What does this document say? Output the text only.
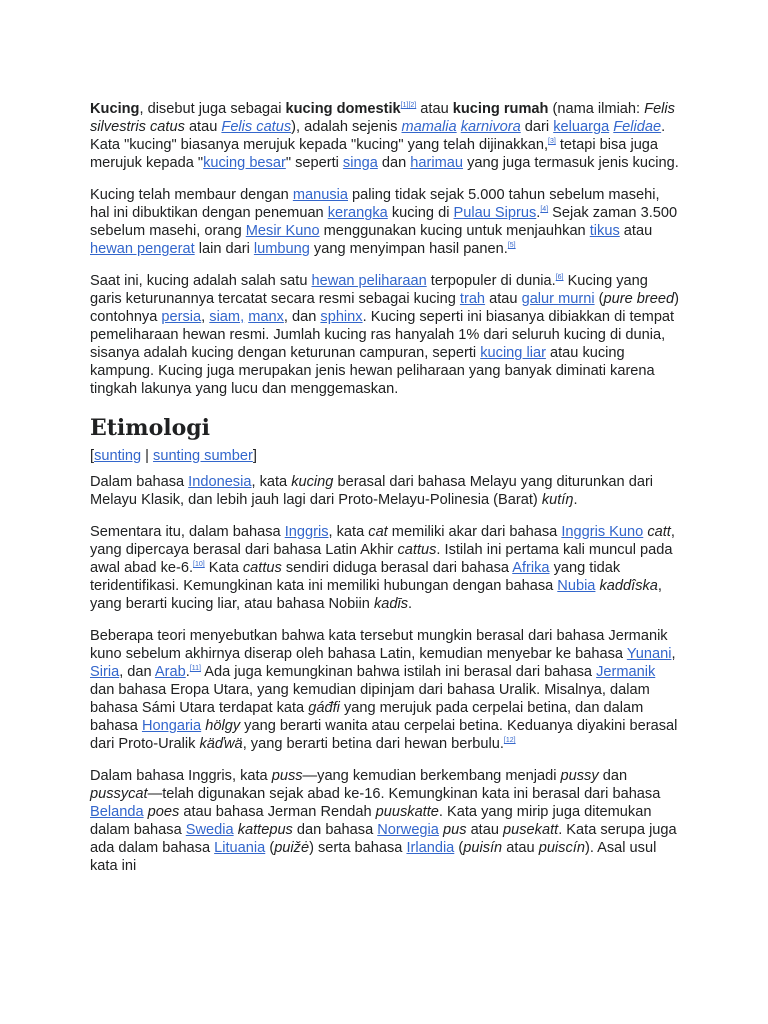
Kucing, disebut juga sebagai kucing domestik[1][2] atau kucing rumah (nama ilmiah: Felis silvestris catus atau Felis catus), adalah sejenis mamalia karnivora dari keluarga Felidae. Kata "kucing" biasanya merujuk kepada "kucing" yang telah dijinakkan,[3] tetapi bisa juga merujuk kepada "kucing besar" seperti singa dan harimau yang juga termasuk jenis kucing.

Kucing telah membaur dengan manusia paling tidak sejak 5.000 tahun sebelum masehi, hal ini dibuktikan dengan penemuan kerangka kucing di Pulau Siprus.[4] Sejak zaman 3.500 sebelum masehi, orang Mesir Kuno menggunakan kucing untuk menjauhkan tikus atau hewan pengerat lain dari lumbung yang menyimpan hasil panen.[5]

Saat ini, kucing adalah salah satu hewan peliharaan terpopuler di dunia.[6] Kucing yang garis keturunannya tercatat secara resmi sebagai kucing trah atau galur murni (pure breed) contohnya persia, siam, manx, dan sphinx. Kucing seperti ini biasanya dibiakkan di tempat pemeliharaan hewan resmi. Jumlah kucing ras hanyalah 1% dari seluruh kucing di dunia, sisanya adalah kucing dengan keturunan campuran, seperti kucing liar atau kucing kampung. Kucing juga merupakan jenis hewan peliharaan yang banyak diminati karena tingkah lakunya yang lucu dan menggemaskan.

Etimologi
[sunting | sunting sumber]

Dalam bahasa Indonesia, kata kucing berasal dari bahasa Melayu yang diturunkan dari Melayu Klasik, dan lebih jauh lagi dari Proto-Melayu-Polinesia (Barat) kutíŋ.

Sementara itu, dalam bahasa Inggris, kata cat memiliki akar dari bahasa Inggris Kuno catt, yang dipercaya berasal dari bahasa Latin Akhir cattus. Istilah ini pertama kali muncul pada awal abad ke-6.[10] Kata cattus sendiri diduga berasal dari bahasa Afrika yang tidak teridentifikasi. Kemungkinan kata ini memiliki hubungan dengan bahasa Nubia kaddîska, yang berarti kucing liar, atau bahasa Nobiin kadīs.

Beberapa teori menyebutkan bahwa kata tersebut mungkin berasal dari bahasa Jermanik kuno sebelum akhirnya diserap oleh bahasa Latin, kemudian menyebar ke bahasa Yunani, Siria, dan Arab.[11] Ada juga kemungkinan bahwa istilah ini berasal dari bahasa Jermanik dan bahasa Eropa Utara, yang kemudian dipinjam dari bahasa Uralik. Misalnya, dalam bahasa Sámi Utara terdapat kata gáđfi yang merujuk pada cerpelai betina, dan dalam bahasa Hongaria hölgy yang berarti wanita atau cerpelai betina. Keduanya diyakini berasal dari Proto-Uralik käďwä, yang berarti betina dari hewan berbulu.[12]

Dalam bahasa Inggris, kata puss—yang kemudian berkembang menjadi pussy dan pussycat—telah digunakan sejak abad ke-16. Kemungkinan kata ini berasal dari bahasa Belanda poes atau bahasa Jerman Rendah puuskatte. Kata yang mirip juga ditemukan dalam bahasa Swedia kattepus dan bahasa Norwegia pus atau pusekatt. Kata serupa juga ada dalam bahasa Lituania (puižė) serta bahasa Irlandia (puisín atau puiscín). Asal usul kata ini
